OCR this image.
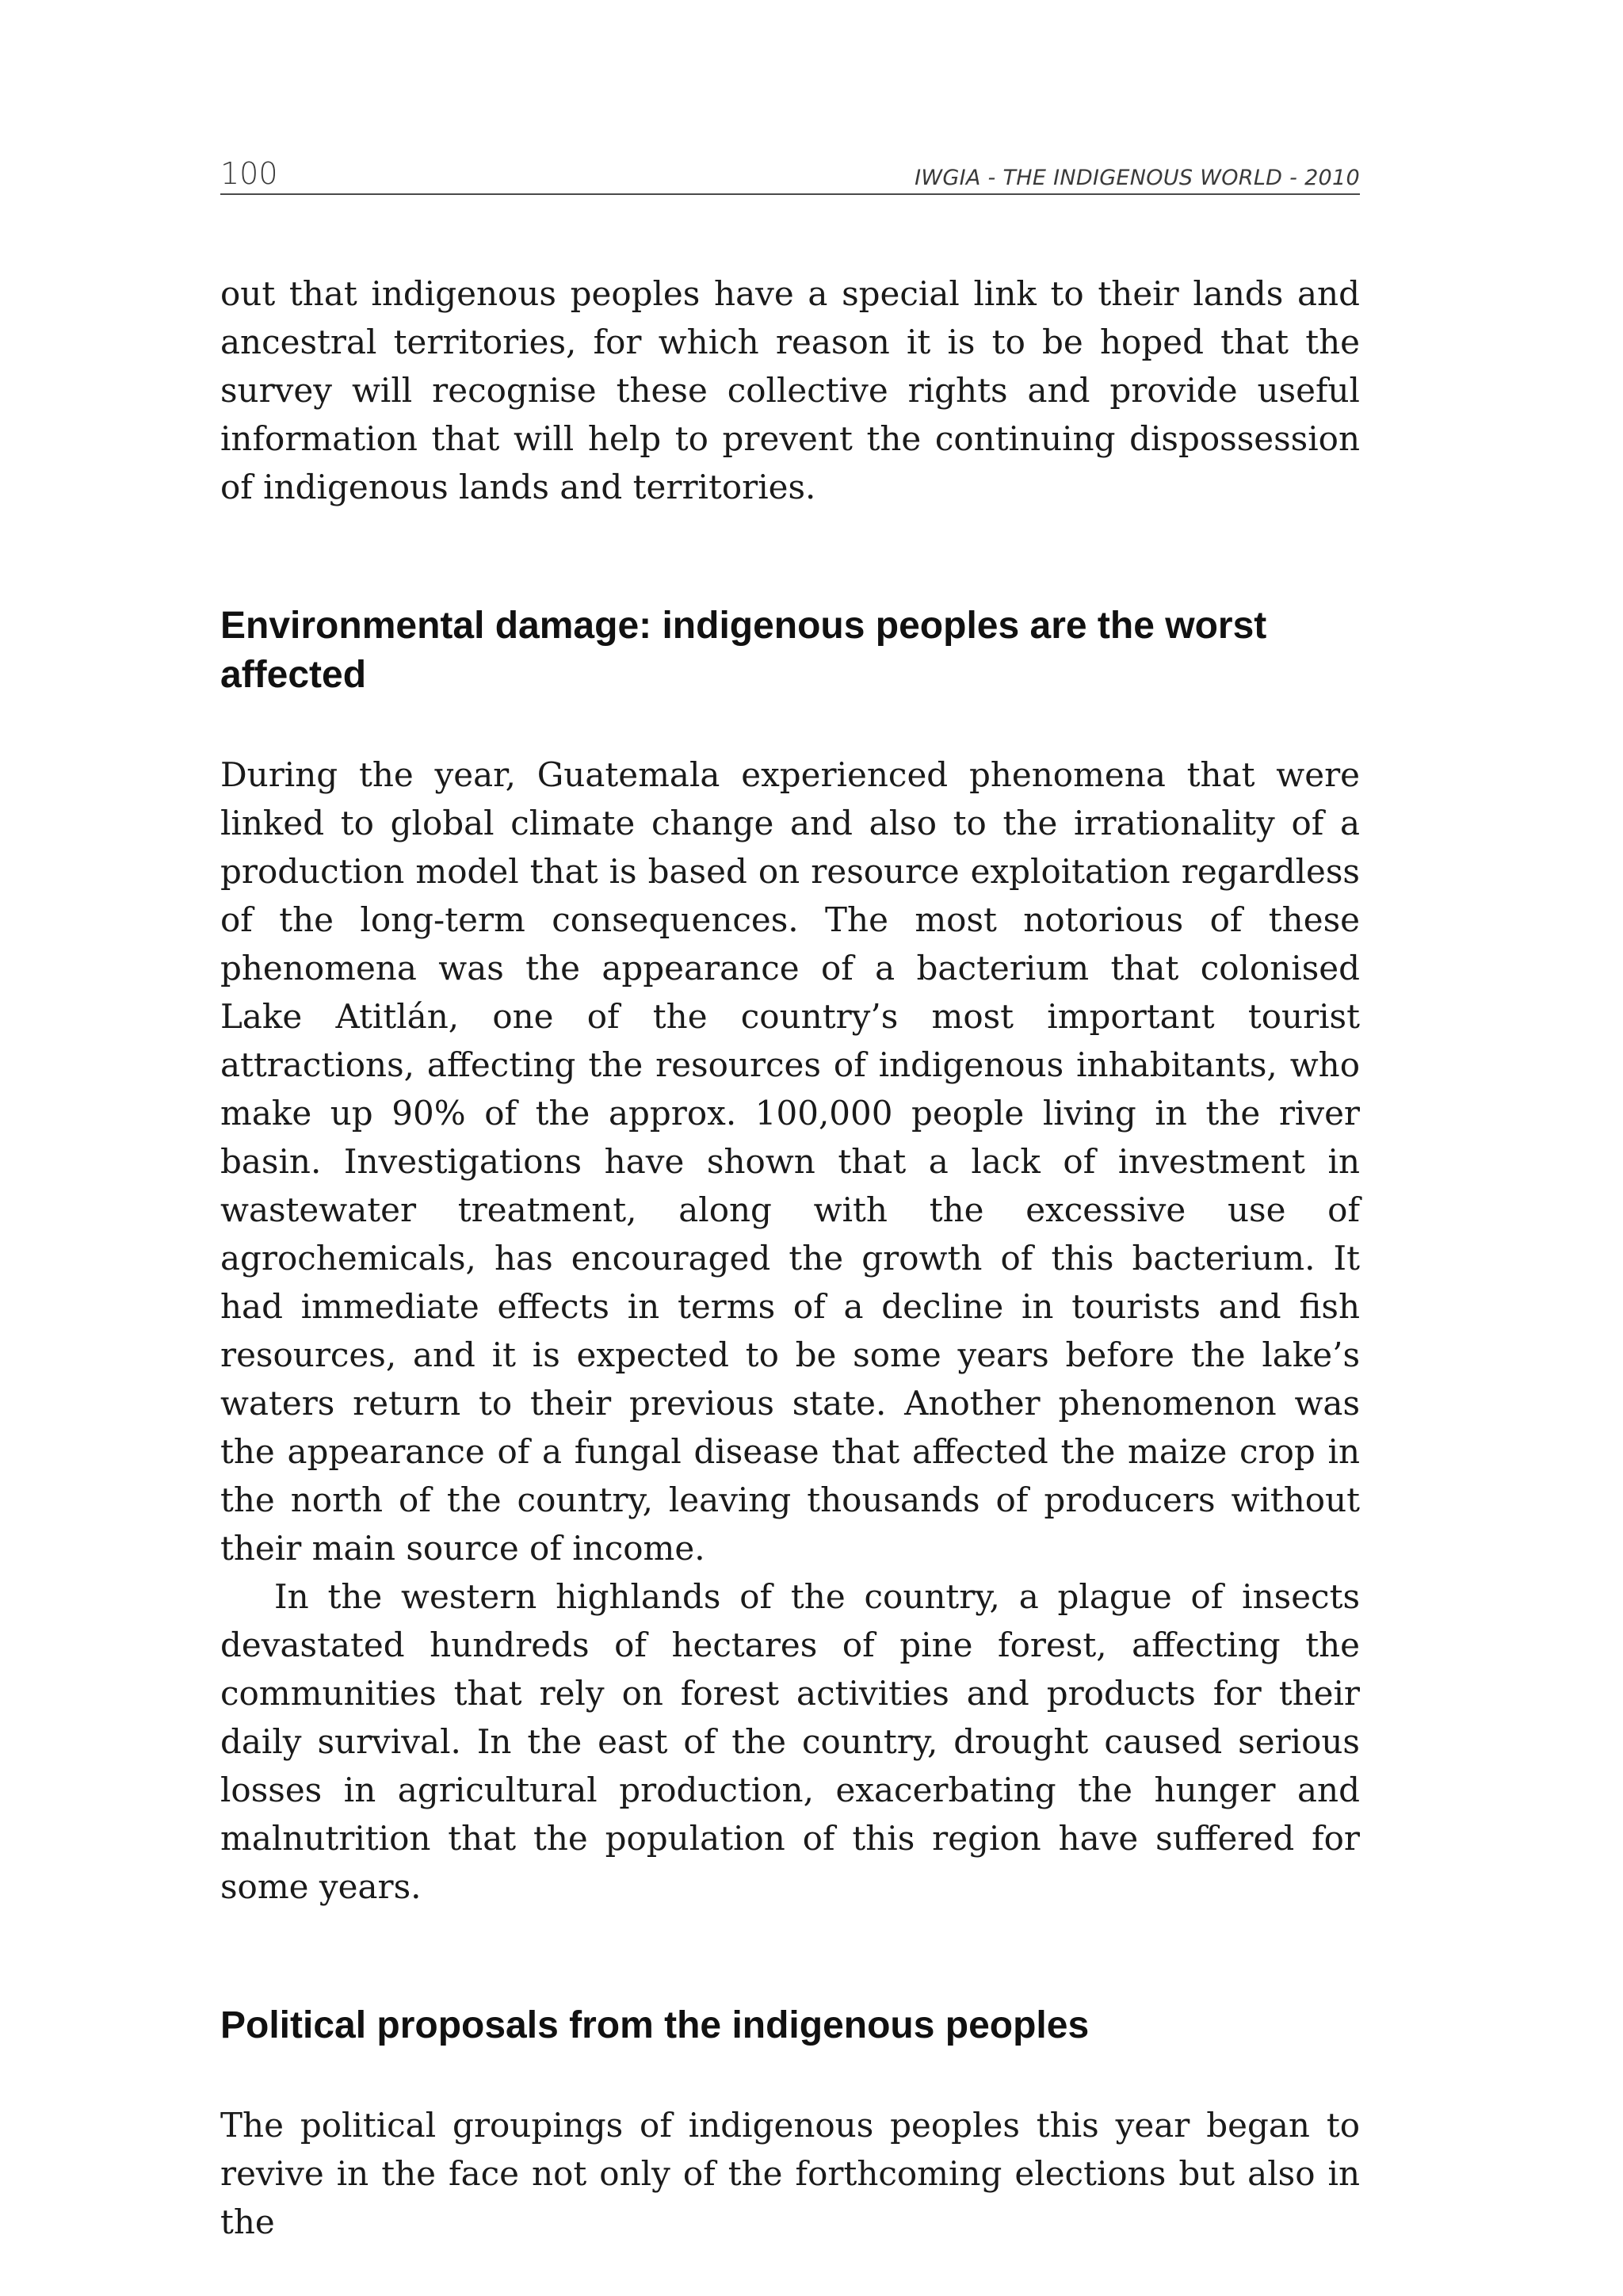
100	IWGIA - THE INDIGENOUS WORLD - 2010

out that indigenous peoples have a special link to their lands and ancestral territories, for which reason it is to be hoped that the survey will recognise these collective rights and provide useful information that will help to prevent the continuing dispossession of indigenous lands and territories.

Environmental damage: indigenous peoples are the worst affected

During the year, Guatemala experienced phenomena that were linked to global climate change and also to the irrationality of a production model that is based on resource exploitation regardless of the long-term consequences. The most notorious of these phenomena was the appearance of a bacterium that colonised Lake Atitlán, one of the country’s most important tourist attractions, affecting the resources of indigenous inhabitants, who make up 90% of the approx. 100,000 people living in the river basin. Investigations have shown that a lack of investment in wastewater treatment, along with the excessive use of agrochemicals, has encouraged the growth of this bacterium. It had immediate effects in terms of a decline in tourists and fish resources, and it is expected to be some years before the lake’s waters return to their previous state. Another phenomenon was the appearance of a fungal disease that affected the maize crop in the north of the country, leaving thousands of producers without their main source of income.

In the western highlands of the country, a plague of insects devastated hundreds of hectares of pine forest, affecting the communities that rely on forest activities and products for their daily survival. In the east of the country, drought caused serious losses in agricultural production, exacerbating the hunger and malnutrition that the population of this region have suffered for some years.

Political proposals from the indigenous peoples

The political groupings of indigenous peoples this year began to revive in the face not only of the forthcoming elections but also in the
